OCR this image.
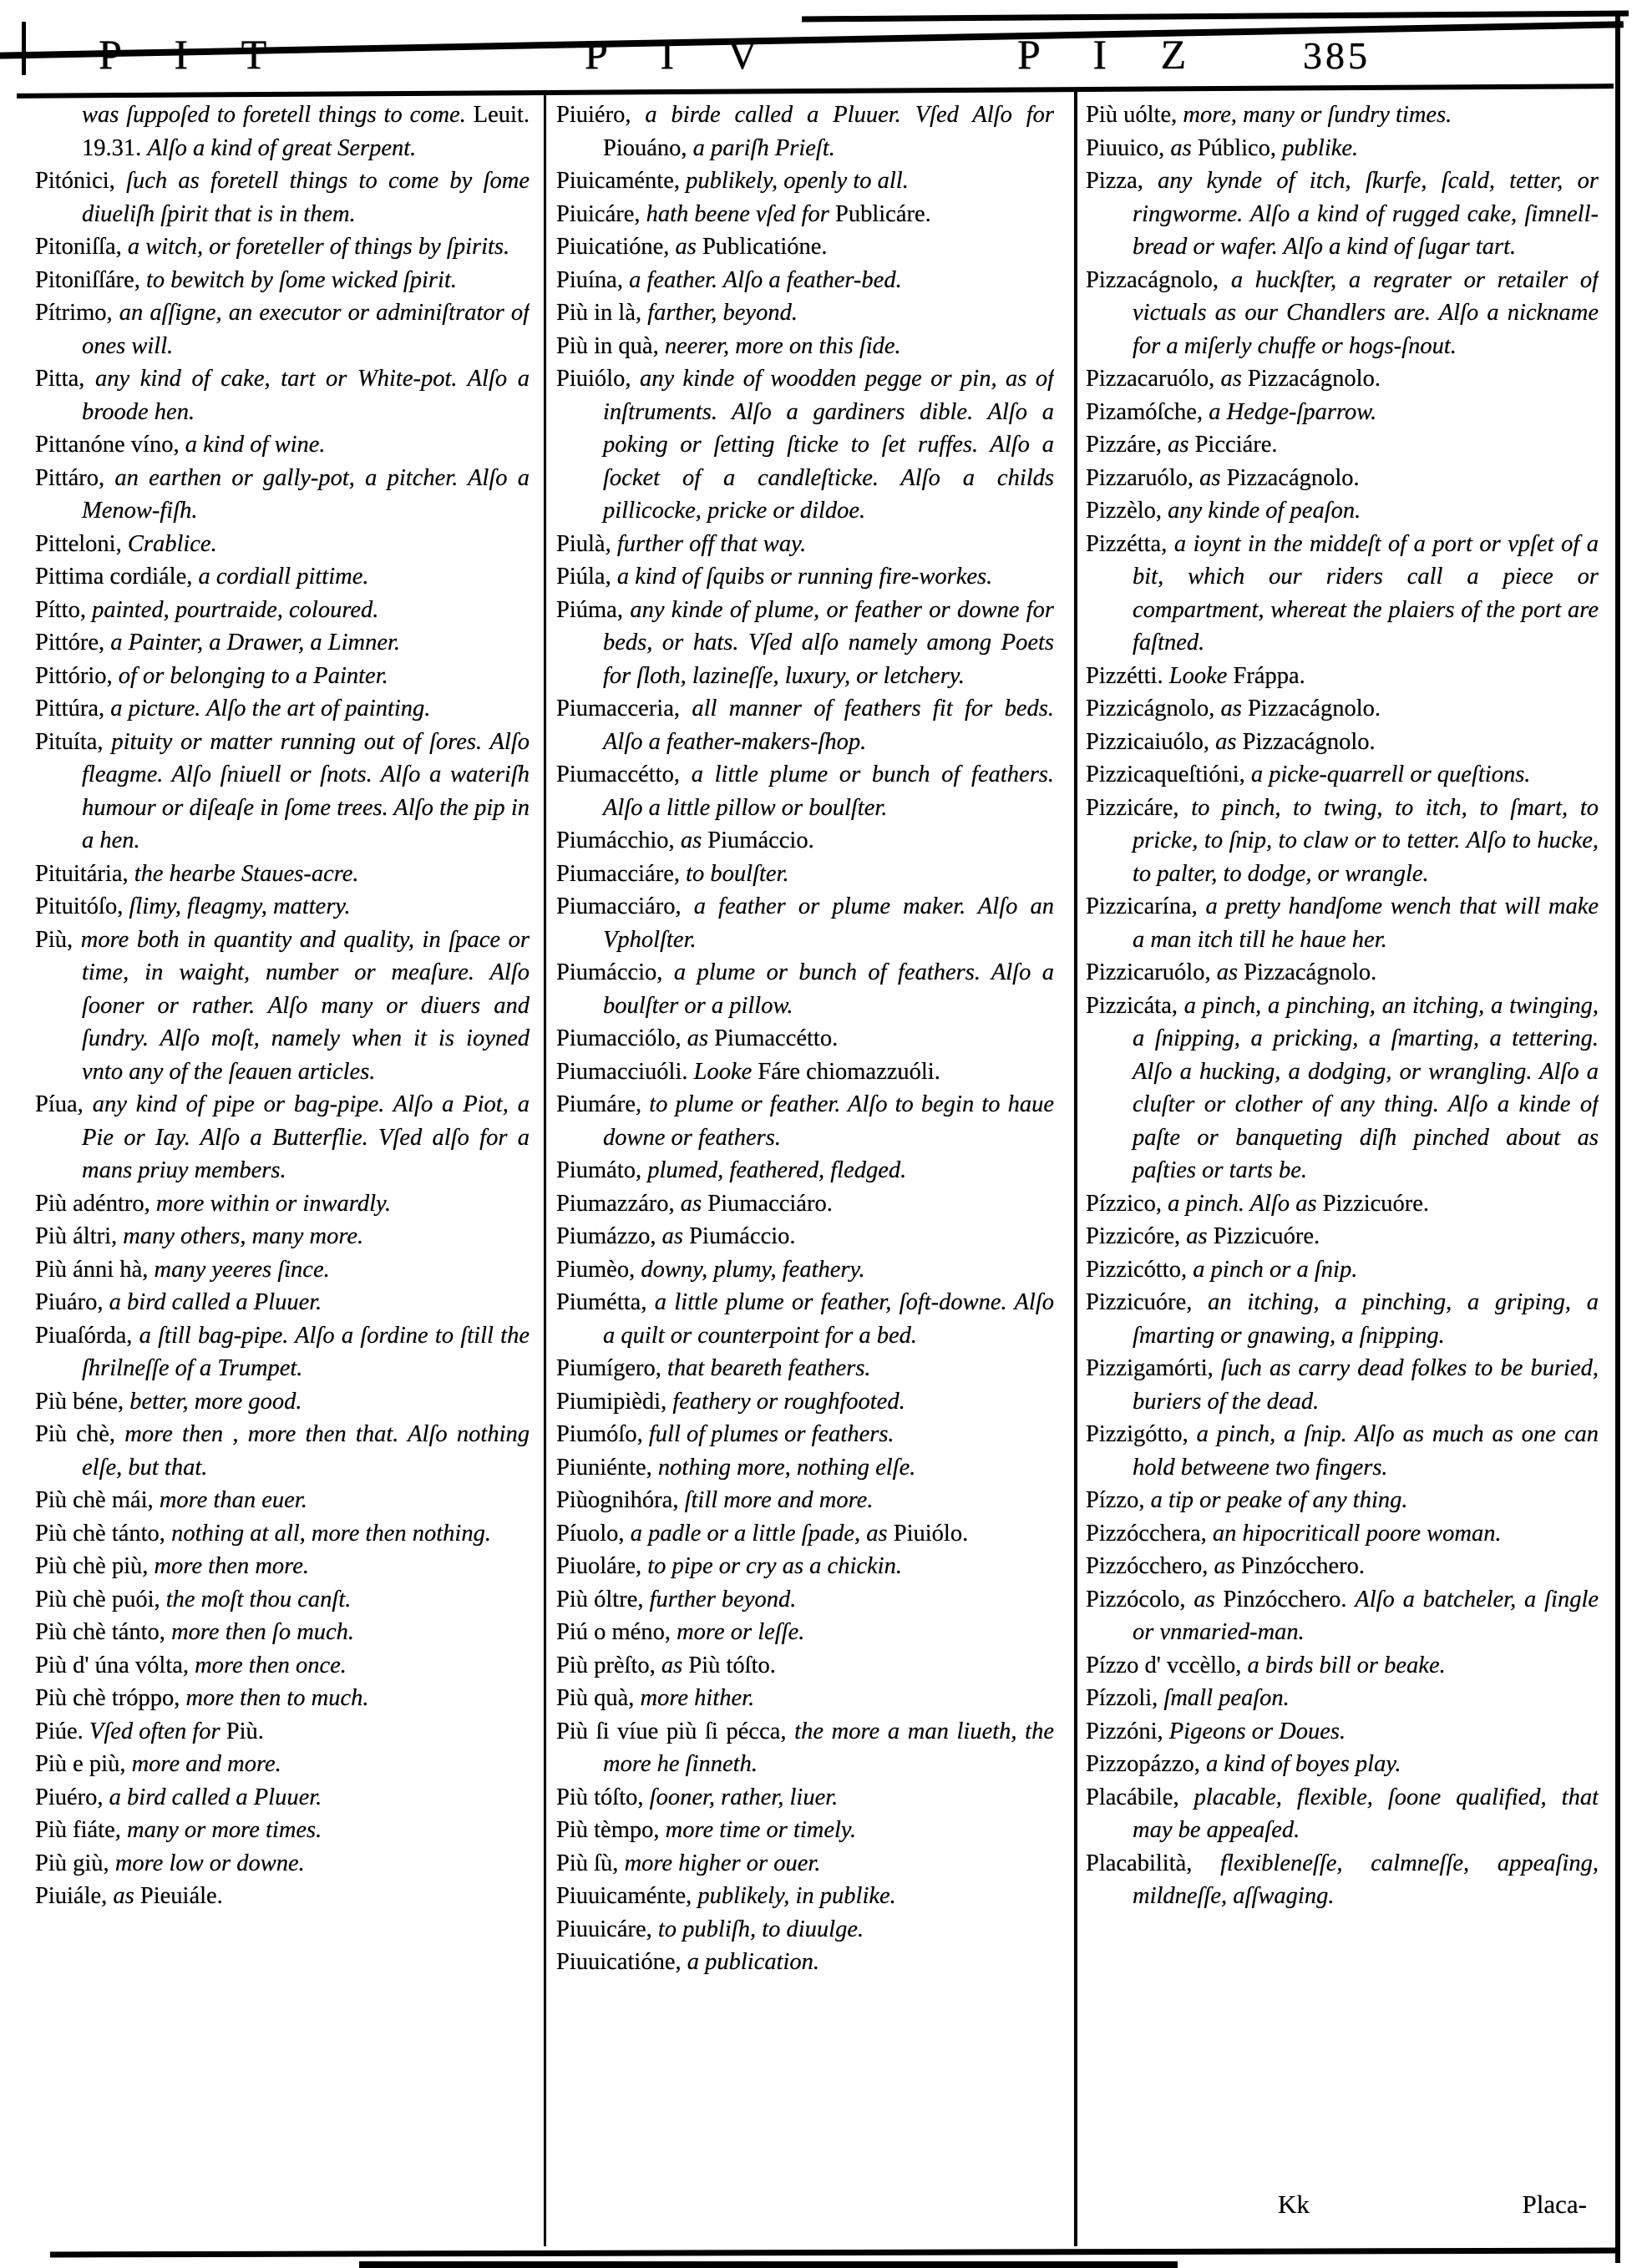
P I T	P I V	P I Z 385

was ſuppoſed to foretell things to come. Leuit. 19.31. Alſo a kind of great Serpent.

Pitónici, ſuch as foretell things to come by ſome diueliſh ſpirit that is in them.

Pitoniſſa, a witch, or foreteller of things by ſpirits.

Pitoniſſáre, to bewitch by ſome wicked ſpirit.

Pítrimo, an aſſigne, an executor or adminiſtrator of ones will.

Pitta, any kind of cake, tart or White-pot. Alſo a broode hen.

Pittanóne víno, a kind of wine.

Pittáro, an earthen or gally-pot, a pitcher. Alſo a Menow-fiſh.

Pitteloni, Crablice.

Pittima cordiále, a cordiall pittime.

Pítto, painted, pourtraide, coloured.

Pittóre, a Painter, a Drawer, a Limner.

Pittório, of or belonging to a Painter.

Pittúra, a picture. Alſo the art of painting.

Pituíta, pituity or matter running out of ſores. Alſo fleagme. Alſo ſniuell or ſnots. Alſo a wateriſh humour or diſeaſe in ſome trees. Alſo the pip in a hen.

Pituitária, the hearbe Staues-acre.

Pituitóſo, ſlimy, fleagmy, mattery.

Più, more both in quantity and quality, in ſpace or time, in waight, number or meaſure. Alſo ſooner or rather. Alſo many or diuers and ſundry. Alſo moſt, namely when it is ioyned vnto any of the ſeauen articles.

Píua, any kind of pipe or bag-pipe. Alſo a Piot, a Pie or Iay. Alſo a Butterflie. Vſed alſo for a mans priuy members.

Più adéntro, more within or inwardly.

Più áltri, many others, many more.

Più ánni hà, many yeeres ſince.

Piuáro, a bird called a Pluuer.

Piuaſórda, a ſtill bag-pipe. Alſo a ſordine to ſtill the ſhrilneſſe of a Trumpet.

Più béne, better, more good.

Più chè, more then , more then that. Alſo nothing elſe, but that.

Più chè mái, more than euer.

Più chè tánto, nothing at all, more then nothing.

Più chè più, more then more.

Più chè puói, the moſt thou canſt.

Più chè tánto, more then ſo much.

Più d' úna vólta, more then once.

Più chè tróppo, more then to much.

Piúe. Vſed often for Più.

Più e più, more and more.

Piuéro, a bird called a Pluuer.

Più fiáte, many or more times.

Più giù, more low or downe.

Piuiále, as Pieuiále.

Piuiéro, a birde called a Pluuer. Vſed Alſo for Piouáno, a pariſh Prieſt.

Piuicaménte, publikely, openly to all.

Piuicáre, hath beene vſed for Publicáre.

Piuicatióne, as Publicatióne.

Piuína, a feather. Alſo a feather-bed.

Più in là, farther, beyond.

Più in quà, neerer, more on this ſide.

Piuiólo, any kinde of woodden pegge or pin, as of inſtruments. Alſo a gardiners dible. Alſo a poking or ſetting ſticke to ſet ruffes. Alſo a ſocket of a candleſticke. Alſo a childs pillicocke, pricke or dildoe.

Piulà, further off that way.

Piúla, a kind of ſquibs or running fire-workes.

Piúma, any kinde of plume, or feather or downe for beds, or hats. Vſed alſo namely among Poets for ſloth, lazineſſe, luxury, or letchery.

Piumacceria, all manner of feathers fit for beds. Alſo a feather-makers-ſhop.

Piumaccétto, a little plume or bunch of feathers. Alſo a little pillow or boulſter.

Piumácchio, as Piumáccio.

Piumacciáre, to boulſter.

Piumacciáro, a feather or plume maker. Alſo an Vpholſter.

Piumáccio, a plume or bunch of feathers. Alſo a boulſter or a pillow.

Piumacciólo, as Piumaccétto.

Piumacciuóli. Looke Fáre chiomazzuóli.

Piumáre, to plume or feather. Alſo to begin to haue downe or feathers.

Piumáto, plumed, feathered, fledged.

Piumazzáro, as Piumacciáro.

Piumázzo, as Piumáccio.

Piumèo, downy, plumy, feathery.

Piumétta, a little plume or feather, ſoft-downe. Alſo a quilt or counterpoint for a bed.

Piumígero, that beareth feathers.

Piumipièdi, feathery or roughfooted.

Piumóſo, full of plumes or feathers.

Piuniénte, nothing more, nothing elſe.

Piùognihóra, ſtill more and more.

Píuolo, a padle or a little ſpade, as Piuiólo.

Piuoláre, to pipe or cry as a chickin.

Più óltre, further beyond.

Piú o méno, more or leſſe.

Più prèſto, as Più tóſto.

Più quà, more hither.

Più ſi víue più ſi pécca, the more a man liueth, the more he ſinneth.

Più tóſto, ſooner, rather, liuer.

Più tèmpo, more time or timely.

Più ſù, more higher or ouer.

Piuuicaménte, publikely, in publike.

Piuuicáre, to publiſh, to diuulge.

Piuuicatióne, a publication.

Più uólte, more, many or ſundry times.

Piuuico, as Público, publike.

Pizza, any kynde of itch, ſkurfe, ſcald, tetter, or ringworme. Alſo a kind of rugged cake, ſimnell-bread or wafer. Alſo a kind of ſugar tart.

Pizzacágnolo, a huckſter, a regrater or retailer of victuals as our Chandlers are. Alſo a nickname for a miſerly chuffe or hogs-ſnout.

Pizzacaruólo, as Pizzacágnolo.

Pizamóſche, a Hedge-ſparrow.

Pizzáre, as Picciáre.

Pizzaruólo, as Pizzacágnolo.

Pizzèlo, any kinde of peaſon.

Pizzétta, a ioynt in the middeſt of a port or vpſet of a bit, which our riders call a piece or compartment, whereat the plaiers of the port are faſtned.

Pizzétti. Looke Fráppa.

Pizzicágnolo, as Pizzacágnolo.

Pizzicaiuólo, as Pizzacágnolo.

Pizzicaqueſtióni, a picke-quarrell or queſtions.

Pizzicáre, to pinch, to twing, to itch, to ſmart, to pricke, to ſnip, to claw or to tetter. Alſo to hucke, to palter, to dodge, or wrangle.

Pizzicarína, a pretty handſome wench that will make a man itch till he haue her.

Pizzicaruólo, as Pizzacágnolo.

Pizzicáta, a pinch, a pinching, an itching, a twinging, a ſnipping, a pricking, a ſmarting, a tettering. Alſo a hucking, a dodging, or wrangling. Alſo a cluſter or clother of any thing. Alſo a kinde of paſte or banqueting diſh pinched about as paſties or tarts be.

Pízzico, a pinch. Alſo as Pizzicuóre.

Pizzicóre, as Pizzicuóre.

Pizzicótto, a pinch or a ſnip.

Pizzicuóre, an itching, a pinching, a griping, a ſmarting or gnawing, a ſnipping.

Pizzigamórti, ſuch as carry dead folkes to be buried, buriers of the dead.

Pizzigótto, a pinch, a ſnip. Alſo as much as one can hold betweene two fingers.

Pízzo, a tip or peake of any thing.

Pizzócchera, an hipocriticall poore woman.

Pizzócchero, as Pinzócchero.

Pizzócolo, as Pinzócchero. Alſo a batcheler, a ſingle or vnmaried-man.

Pízzo d' vccèllo, a birds bill or beake.

Pízzoli, ſmall peaſon.

Pizzóni, Pigeons or Doues.

Pizzopázzo, a kind of boyes play.

Placábile, placable, flexible, ſoone qualified, that may be appeaſed.

Placabilità, flexibleneſſe, calmneſſe, appeaſing, mildneſſe, aſſwaging.

Kk	Placa-
